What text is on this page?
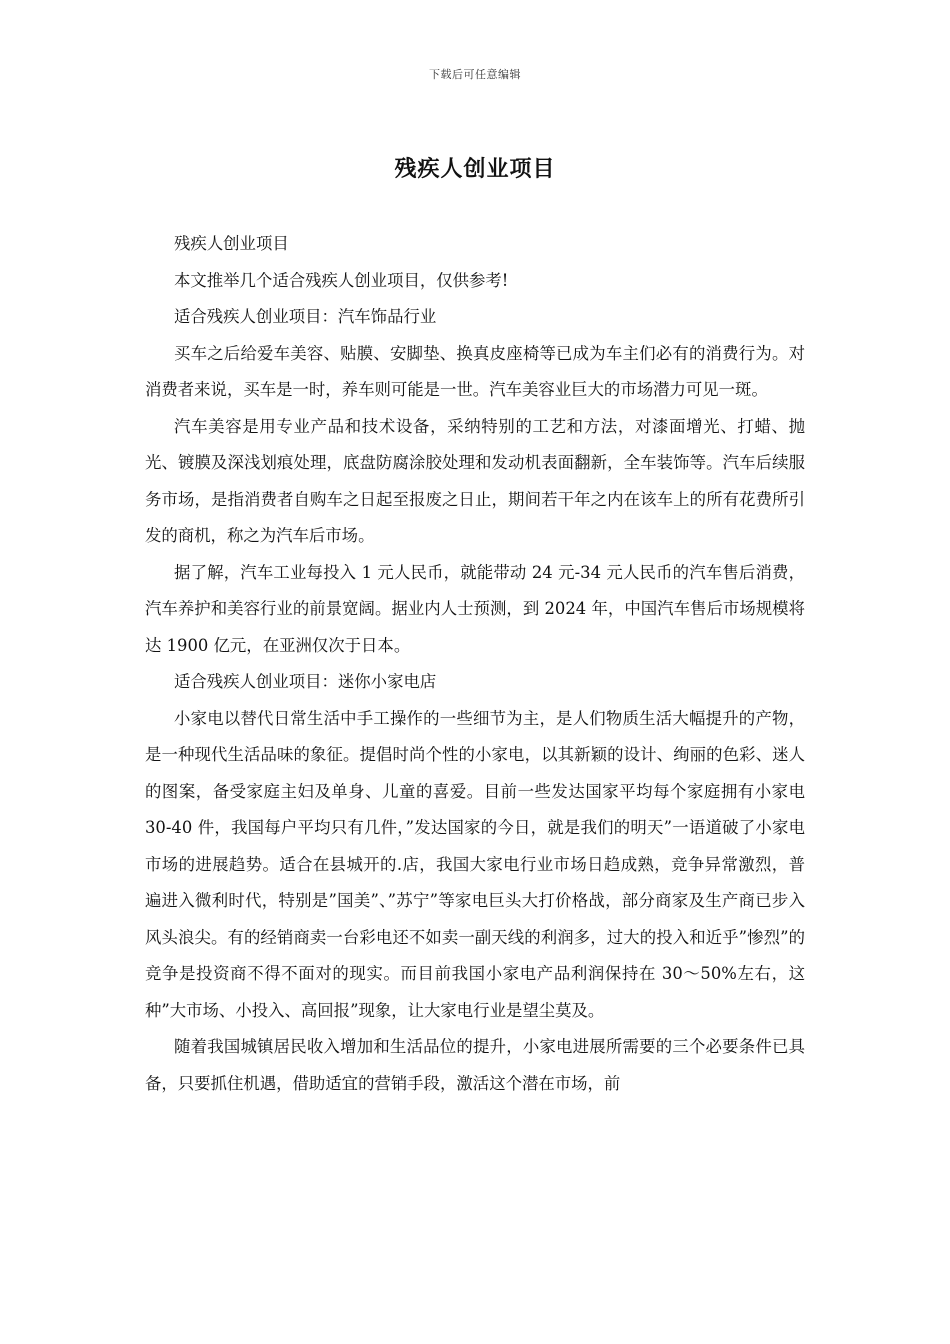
下载后可任意编辑
残疾人创业项目

残疾人创业项目

本文推举几个适合残疾人创业项目，仅供参考!

适合残疾人创业项目：汽车饰品行业

买车之后给爱车美容、贴膜、安脚垫、换真皮座椅等已成为车主们必有的消费行为。对消费者来说，买车是一时，养车则可能是一世。汽车美容业巨大的市场潜力可见一斑。

汽车美容是用专业产品和技术设备，采纳特别的工艺和方法，对漆面增光、打蜡、抛光、镀膜及深浅划痕处理，底盘防腐涂胶处理和发动机表面翻新，全车装饰等。汽车后续服务市场，是指消费者自购车之日起至报废之日止，期间若干年之内在该车上的所有花费所引发的商机，称之为汽车后市场。

据了解，汽车工业每投入 1 元人民币，就能带动 24 元-34 元人民币的汽车售后消费，汽车养护和美容行业的前景宽阔。据业内人士预测，到 2024 年，中国汽车售后市场规模将达 1900 亿元，在亚洲仅次于日本。

适合残疾人创业项目：迷你小家电店

小家电以替代日常生活中手工操作的一些细节为主，是人们物质生活大幅提升的产物，是一种现代生活品味的象征。提倡时尚个性的小家电，以其新颖的设计、绚丽的色彩、迷人的图案，备受家庭主妇及单身、儿童的喜爱。目前一些发达国家平均每个家庭拥有小家电 30-40 件，我国每户平均只有几件，”发达国家的今日，就是我们的明天”一语道破了小家电市场的进展趋势。适合在县城开的.店，我国大家电行业市场日趋成熟，竞争异常激烈，普遍进入微利时代，特别是”国美”、”苏宁”等家电巨头大打价格战，部分商家及生产商已步入风头浪尖。有的经销商卖一台彩电还不如卖一副天线的利润多，过大的投入和近乎”惨烈”的竞争是投资商不得不面对的现实。而目前我国小家电产品利润保持在 30～50%左右，这种”大市场、小投入、高回报”现象，让大家电行业是望尘莫及。

随着我国城镇居民收入增加和生活品位的提升，小家电进展所需要的三个必要条件已具备，只要抓住机遇，借助适宜的营销手段，激活这个潜在市场，前
